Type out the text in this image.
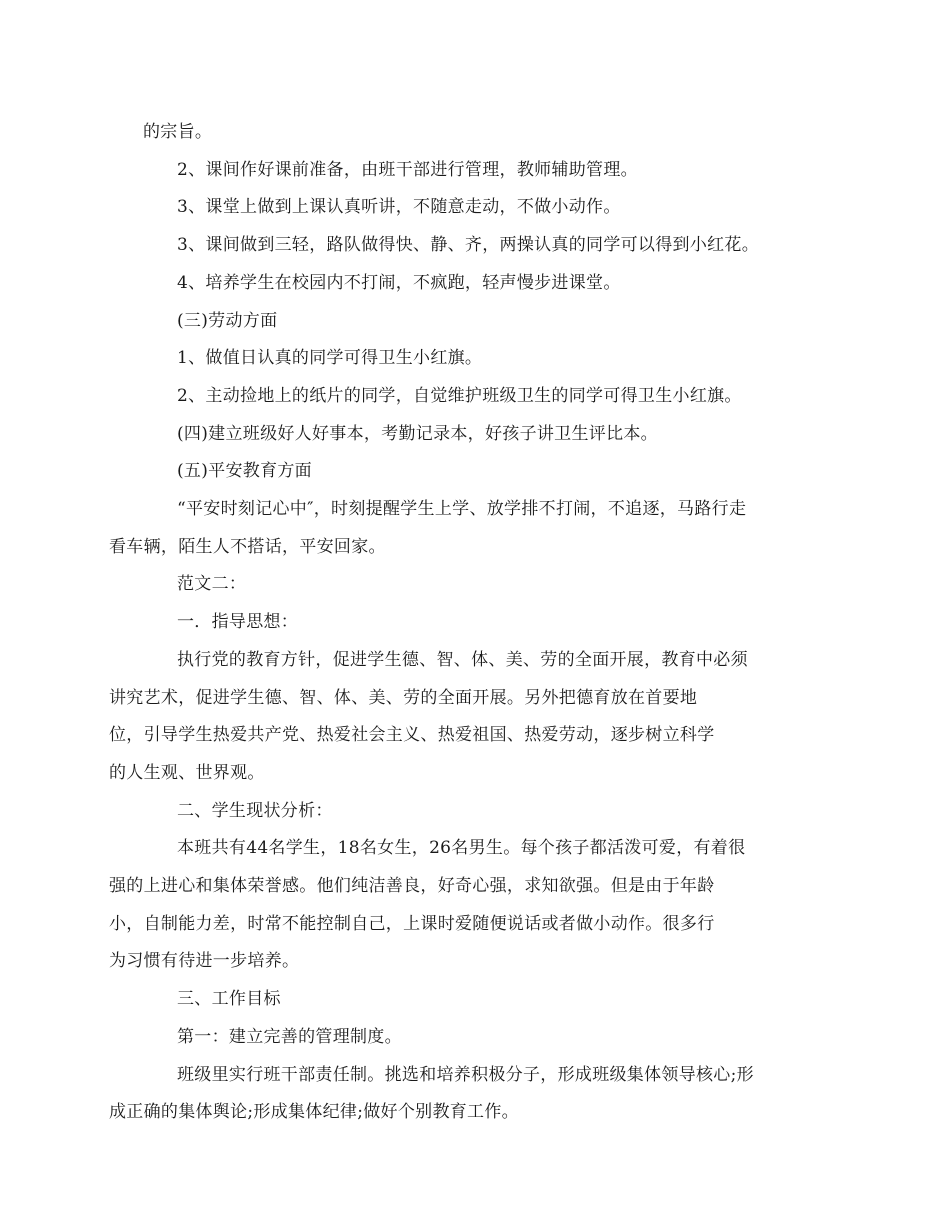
的宗旨。
2、课间作好课前准备，由班干部进行管理，教师辅助管理。
3、课堂上做到上课认真听讲，不随意走动，不做小动作。
3、课间做到三轻，路队做得快、静、齐，两操认真的同学可以得到小红花。
4、培养学生在校园内不打闹，不疯跑，轻声慢步进课堂。
(三)劳动方面
1、做值日认真的同学可得卫生小红旗。
2、主动捡地上的纸片的同学，自觉维护班级卫生的同学可得卫生小红旗。
(四)建立班级好人好事本，考勤记录本，好孩子讲卫生评比本。
(五)平安教育方面
“平安时刻记心中″，时刻提醒学生上学、放学排不打闹，不追逐，马路行走
看车辆，陌生人不搭话，平安回家。
范文二：
一．指导思想：
执行党的教育方针，促进学生德、智、体、美、劳的全面开展，教育中必须
讲究艺术，促进学生德、智、体、美、劳的全面开展。另外把德育放在首要地
位，引导学生热爱共产党、热爱社会主义、热爱祖国、热爱劳动，逐步树立科学
的人生观、世界观。
二、学生现状分析：
本班共有44名学生，18名女生，26名男生。每个孩子都活泼可爱，有着很
强的上进心和集体荣誉感。他们纯洁善良，好奇心强，求知欲强。但是由于年龄
小，自制能力差，时常不能控制自己，上课时爱随便说话或者做小动作。很多行
为习惯有待进一步培养。
三、工作目标
第一：建立完善的管理制度。
班级里实行班干部责任制。挑选和培养积极分子，形成班级集体领导核心;形
成正确的集体舆论;形成集体纪律;做好个别教育工作。
